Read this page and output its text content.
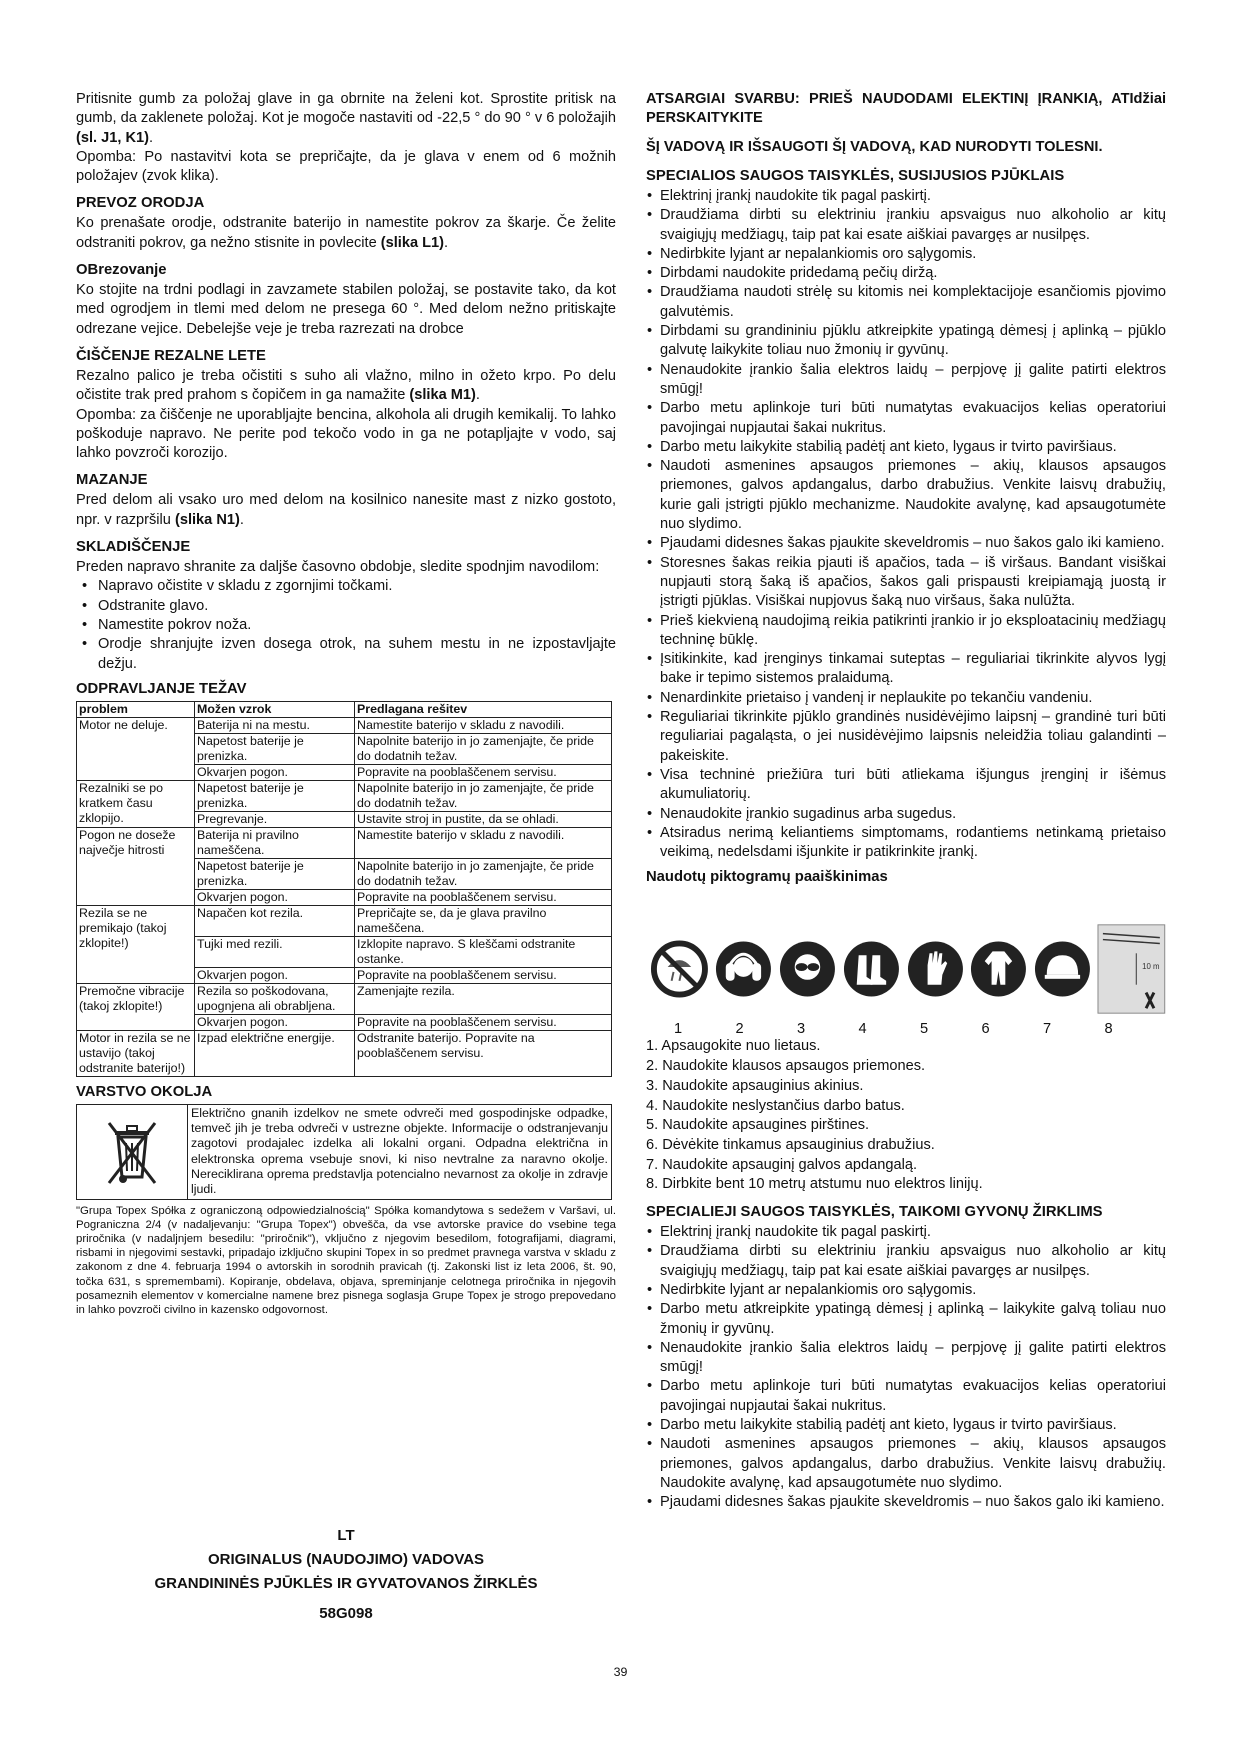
Pritisnite gumb za položaj glave in ga obrnite na želeni kot. Sprostite pritisk na gumb, da zaklenete položaj. Kot je mogoče nastaviti od -22,5 ° do 90 ° v 6 položajih (sl. J1, K1).

Opomba: Po nastavitvi kota se prepričajte, da je glava v enem od 6 možnih položajev (zvok klika).

PREVOZ ORODJA

Ko prenašate orodje, odstranite baterijo in namestite pokrov za škarje. Če želite odstraniti pokrov, ga nežno stisnite in povlecite (slika L1).

OBrezovanje

Ko stojite na trdni podlagi in zavzamete stabilen položaj, se postavite tako, da kot med ogrodjem in tlemi med delom ne presega 60 °. Med delom nežno pritiskajte odrezane vejice. Debelejše veje je treba razrezati na drobce

ČIŠČENJE REZALNE LETE

Rezalno palico je treba očistiti s suho ali vlažno, milno in ožeto krpo. Po delu očistite trak pred prahom s čopičem in ga namažite (slika M1).

Opomba: za čiščenje ne uporabljajte bencina, alkohola ali drugih kemikalij. To lahko poškoduje napravo. Ne perite pod tekočo vodo in ga ne potapljajte v vodo, saj lahko povzroči korozijo.

MAZANJE

Pred delom ali vsako uro med delom na kosilnico nanesite mast z nizko gostoto, npr. v razpršilu (slika N1).

SKLADIŠČENJE

Preden napravo shranite za daljše časovno obdobje, sledite spodnjim navodilom:

• Napravo očistite v skladu z zgornjimi točkami.
• Odstranite glavo.
• Namestite pokrov noža.
• Orodje shranjujte izven dosega otrok, na suhem mestu in ne izpostavljajte dežju.
ODPRAVLJANJE TEŽAV
problem	Možen vzrok	Predlagana rešitev
Motor ne deluje.	Baterija ni na mestu.	Namestite baterijo v skladu z navodili.
	Napetost baterije je prenizka.	Napolnite baterijo in jo zamenjajte, če pride do dodatnih težav.
	Okvarjen pogon.	Popravite na pooblaščenem servisu.
Rezalniki se po kratkem času zklopijo.	Napetost baterije je prenizka.	Napolnite baterijo in jo zamenjajte, če pride do dodatnih težav.
	Pregrevanje.	Ustavite stroj in pustite, da se ohladi.
Pogon ne doseže največje hitrosti	Baterija ni pravilno nameščena.	Namestite baterijo v skladu z navodili.
	Napetost baterije je prenizka.	Napolnite baterijo in jo zamenjajte, če pride do dodatnih težav.
	Okvarjen pogon.	Popravite na pooblaščenem servisu.
Rezila se ne premikajo (takoj zklopite!)	Napačen kot rezila.	Prepričajte se, da je glava pravilno nameščena.
	Tujki med rezili.	Izklopite napravo. S kleščami odstranite ostanke.
	Okvarjen pogon.	Popravite na pooblaščenem servisu.
Premočne vibracije (takoj zklopite!)	Rezila so poškodovana, upognjena ali obrabljena.	Zamenjajte rezila.
	Okvarjen pogon.	Popravite na pooblaščenem servisu.
Motor in rezila se ne ustavijo (takoj odstranite baterijo!)	Izpad električne energije.	Odstranite baterijo. Popravite na pooblaščenem servisu.
VARSTVO OKOLJA
Električno gnanih izdelkov ne smete odvreči med gospodinjske odpadke, temveč jih je treba odvreči v ustrezne objekte. Informacije o odstranjevanju zagotovi prodajalec izdelka ali lokalni organi. Odpadna električna in elektronska oprema vsebuje snovi, ki niso nevtralne za naravno okolje. Nereciklirana oprema predstavlja potencialno nevarnost za okolje in zdravje ljudi.
"Grupa Topex Spółka z ograniczoną odpowiedzialnością" Spółka komandytowa s sedežem v Varšavi, ul. Pograniczna 2/4 (v nadaljevanju: "Grupa Topex") obvešča, da vse avtorske pravice do vsebine tega priročnika (v nadaljnjem besedilu: "priročnik"), vključno z njegovim besedilom, fotografijami, diagrami, risbami in njegovimi sestavki, pripadajo izključno skupini Topex in so predmet pravnega varstva v skladu z zakonom z dne 4. februarja 1994 o avtorskih in sorodnih pravicah (tj. Zakonski list iz leta 2006, št. 90, točka 631, s spremembami). Kopiranje, obdelava, objava, spreminjanje celotnega priročnika in njegovih posameznih elementov v komercialne namene brez pisnega soglasja Grupe Topex je strogo prepovedano in lahko povzroči civilno in kazensko odgovornost.
LT
ORIGINALUS (NAUDOJIMO) VADOVAS
GRANDININĖS PJŪKLĖS IR GYVATOVANOS ŽIRKLĖS
58G098
ATSARGIAI SVARBU: PRIEŠ NAUDODAMI ELEKTINĮ ĮRANKIĄ, ATIdžiai PERSKAITYKITE
ŠĮ VADOVĄ IR IŠSAUGOTI ŠĮ VADOVĄ, KAD NURODYTI TOLESNI.
SPECIALIOS SAUGOS TAISYKLĖS, SUSIJUSIOS PJŪKLAIS
• Elektrinį įrankį naudokite tik pagal paskirtį.
• Draudžiama dirbti su elektriniu įrankiu apsvaigus nuo alkoholio ar kitų svaigiųjų medžiagų, taip pat kai esate aiškiai pavargęs ar nusilpęs.
• Nedirbkite lyjant ar nepalankiomis oro sąlygomis.
• Dirbdami naudokite pridedamą pečių diržą.
• Draudžiama naudoti strėlę su kitomis nei komplektacijoje esančiomis pjovimo galvutėmis.
• Dirbdami su grandininiu pjūklu atkreipkite ypatingą dėmesį į aplinką – pjūklo galvutę laikykite toliau nuo žmonių ir gyvūnų.
• Nenaudokite įrankio šalia elektros laidų – perpjovę jį galite patirti elektros smūgį!
• Darbo metu aplinkoje turi būti numatytas evakuacijos kelias operatoriui pavojingai nupjautai šakai nukritus.
• Darbo metu laikykite stabilią padėtį ant kieto, lygaus ir tvirto paviršiaus.
• Naudoti asmenines apsaugos priemones – akių, klausos apsaugos priemones, galvos apdangalus, darbo drabužius. Venkite laisvų drabužių, kurie gali įstrigti pjūklo mechanizme. Naudokite avalynę, kad apsaugotumėte nuo slydimo.
• Pjaudami didesnes šakas pjaukite skeveldromis – nuo šakos galo iki kamieno.
• Storesnes šakas reikia pjauti iš apačios, tada – iš viršaus. Bandant visiškai nupjauti storą šaką iš apačios, šakos gali prispausti kreipiamąją juostą ir įstrigti pjūklas. Visiškai nupjovus šaką nuo viršaus, šaka nulūžta.
• Prieš kiekvieną naudojimą reikia patikrinti įrankio ir jo eksploatacinių medžiagų techninę būklę.
• Įsitikinkite, kad įrenginys tinkamai suteptas – reguliariai tikrinkite alyvos lygį bake ir tepimo sistemos pralaidumą.
• Nenardinkite prietaiso į vandenį ir neplaukite po tekančiu vandeniu.
• Reguliariai tikrinkite pjūklo grandinės nusidėvėjimo laipsnį – grandinė turi būti reguliariai pagaląsta, o jei nusidėvėjimo laipsnis neleidžia toliau galandinti – pakeiskite.
• Visa techninė priežiūra turi būti atliekama išjungus įrenginį ir išėmus akumuliatorių.
• Nenaudokite įrankio sugadinus arba sugedus.
• Atsiradus nerimą keliantiems simptomams, rodantiems netinkamą prietaiso veikimą, nedelsdami išjunkite ir patikrinkite įrankį.
Naudotų piktogramų paaiškinimas
10 m
1	2	3	4	5	6	7	8
1. Apsaugokite nuo lietaus.
2. Naudokite klausos apsaugos priemones.
3. Naudokite apsauginius akinius.
4. Naudokite neslystančius darbo batus.
5. Naudokite apsaugines pirštines.
6. Dėvėkite tinkamus apsauginius drabužius.
7. Naudokite apsauginį galvos apdangalą.
8. Dirbkite bent 10 metrų atstumu nuo elektros linijų.
SPECIALIEJI SAUGOS TAISYKLĖS, TAIKOMI GYVONŲ ŽIRKLIMS
• Elektrinį įrankį naudokite tik pagal paskirtį.
• Draudžiama dirbti su elektriniu įrankiu apsvaigus nuo alkoholio ar kitų svaigiųjų medžiagų, taip pat kai esate aiškiai pavargęs ar nusilpęs.
• Nedirbkite lyjant ar nepalankiomis oro sąlygomis.
• Darbo metu atkreipkite ypatingą dėmesį į aplinką – laikykite galvą toliau nuo žmonių ir gyvūnų.
• Nenaudokite įrankio šalia elektros laidų – perpjovę jį galite patirti elektros smūgį!
• Darbo metu aplinkoje turi būti numatytas evakuacijos kelias operatoriui pavojingai nupjautai šakai nukritus.
• Darbo metu laikykite stabilią padėtį ant kieto, lygaus ir tvirto paviršiaus.
• Naudoti asmenines apsaugos priemones – akių, klausos apsaugos priemones, galvos apdangalus, darbo drabužius. Venkite laisvų drabužių. Naudokite avalynę, kad apsaugotumėte nuo slydimo.
• Pjaudami didesnes šakas pjaukite skeveldromis – nuo šakos galo iki kamieno.
39
